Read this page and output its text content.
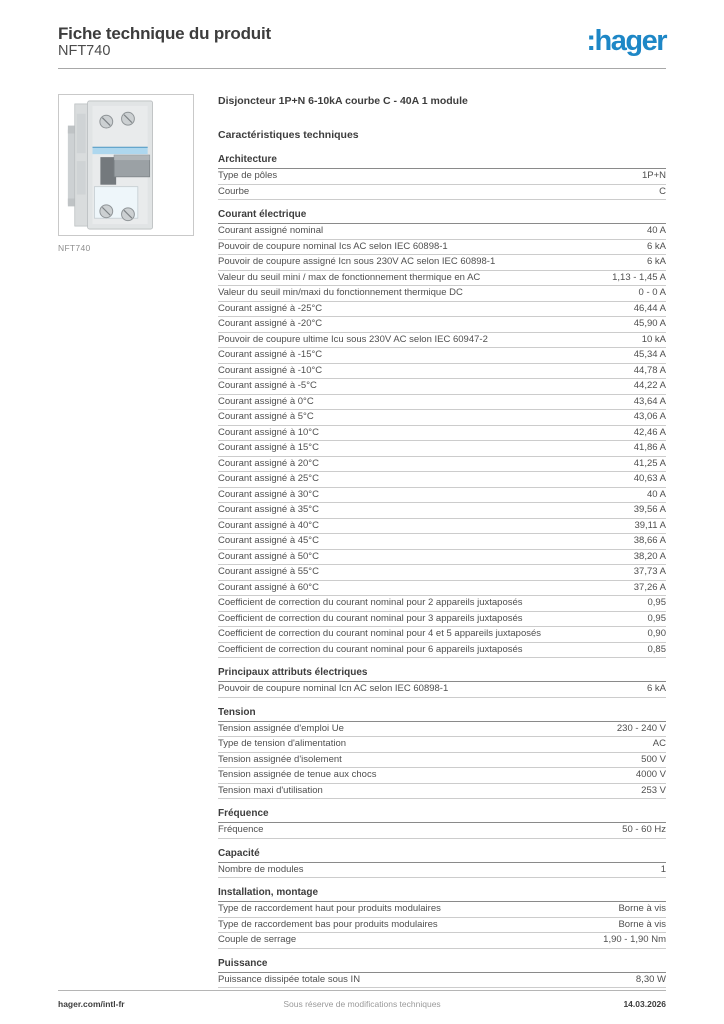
Fiche technique du produit
NFT740	:hager
NFT740
Disjoncteur 1P+N 6-10kA courbe C - 40A 1 module
Caractéristiques techniques
Architecture
Type de pôles	1P+N
Courbe	C
Courant électrique
Courant assigné nominal	40 A
Pouvoir de coupure nominal Ics AC selon IEC 60898-1	6 kA
Pouvoir de coupure assigné Icn sous 230V AC selon IEC 60898-1	6 kA
Valeur du seuil mini / max de fonctionnement thermique en AC	1,13 - 1,45 A
Valeur du seuil min/maxi du fonctionnement thermique DC	0 - 0 A
Courant assigné à -25°C	46,44 A
Courant assigné à -20°C	45,90 A
Pouvoir de coupure ultime Icu sous 230V AC selon IEC 60947-2	10 kA
Courant assigné à -15°C	45,34 A
Courant assigné à -10°C	44,78 A
Courant assigné à -5°C	44,22 A
Courant assigné à 0°C	43,64 A
Courant assigné à 5°C	43,06 A
Courant assigné à 10°C	42,46 A
Courant assigné à 15°C	41,86 A
Courant assigné à 20°C	41,25 A
Courant assigné à 25°C	40,63 A
Courant assigné à 30°C	40 A
Courant assigné à 35°C	39,56 A
Courant assigné à 40°C	39,11 A
Courant assigné à 45°C	38,66 A
Courant assigné à 50°C	38,20 A
Courant assigné à 55°C	37,73 A
Courant assigné à 60°C	37,26 A
Coefficient de correction du courant nominal pour 2 appareils juxtaposés	0,95
Coefficient de correction du courant nominal pour 3 appareils juxtaposés	0,95
Coefficient de correction du courant nominal pour 4 et 5 appareils juxtaposés	0,90
Coefficient de correction du courant nominal pour 6 appareils juxtaposés	0,85
Principaux attributs électriques
Pouvoir de coupure nominal Icn AC selon IEC 60898-1	6 kA
Tension
Tension assignée d'emploi Ue	230 - 240 V
Type de tension d'alimentation	AC
Tension assignée d'isolement	500 V
Tension assignée de tenue aux chocs	4000 V
Tension maxi d'utilisation	253 V
Fréquence
Fréquence	50 - 60 Hz
Capacité
Nombre de modules	1
Installation, montage
Type de raccordement haut pour produits modulaires	Borne à vis
Type de raccordement bas pour produits modulaires	Borne à vis
Couple de serrage	1,90 - 1,90 Nm
Puissance
Puissance dissipée totale sous IN	8,30 W
Sous réserve de modifications techniques
hager.com/intl-fr	14.03.2026
